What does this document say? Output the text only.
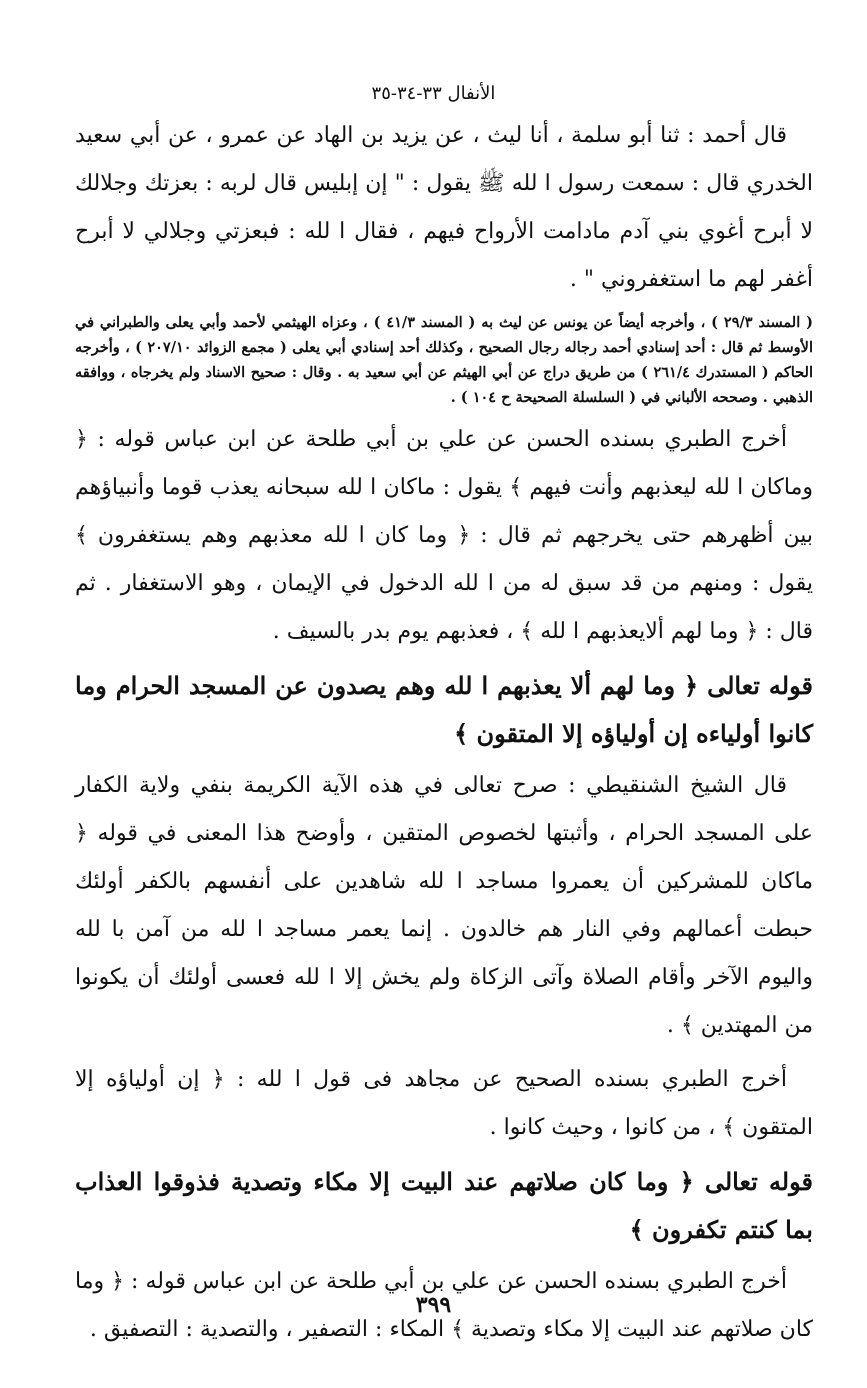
الأنفال ٣٣-٣٤-٣٥

قال أحمد : ثنا أبو سلمة ، أنا ليث ، عن يزيد بن الهاد عن عمرو ، عن أبي سعيد الخدري قال : سمعت رسول ا لله ﷺ يقول : " إن إبليس قال لربه : بعزتك وجلالك لا أبرح أغوي بني آدم مادامت الأرواح فيهم ، فقال ا لله : فبعزتي وجلالي لا أبرح أغفر لهم ما استغفروني " .

( المسند ٢٩/٣ ) ، وأخرجه أيضاً عن يونس عن ليث به ( المسند ٤١/٣ ) ، وعزاه الهيثمي لأحمد وأبي يعلى والطبراني في الأوسط ثم قال : أحد إسنادي أحمد رجاله رجال الصحيح ، وكذلك أحد إسنادي أبي يعلى ( مجمع الزوائد ٢٠٧/١٠ ) ، وأخرجه الحاكم ( المستدرك ٢٦١/٤ ) من طريق دراج عن أبي الهيثم عن أبي سعيد به . وقال : صحيح الاسناد ولم يخرجاه ، ووافقه الذهبي . وصححه الألباني في ( السلسلة الصحيحة ح ١٠٤ ) .

أخرج الطبري بسنده الحسن عن علي بن أبي طلحة عن ابن عباس قوله : ﴿ وماكان ا لله ليعذبهم وأنت فيهم ﴾ يقول : ماكان ا لله سبحانه يعذب قوما وأنبياؤهم بين أظهرهم حتى يخرجهم ثم قال : ﴿ وما كان ا لله معذبهم وهم يستغفرون ﴾ يقول : ومنهم من قد سبق له من ا لله الدخول في الإيمان ، وهو الاستغفار . ثم قال : ﴿ وما لهم ألايعذبهم ا لله ﴾ ، فعذبهم يوم بدر بالسيف .

قوله تعالى ﴿ وما لهم ألا يعذبهم ا لله وهم يصدون عن المسجد الحرام وما كانوا أولياءه إن أولياؤه إلا المتقون ﴾

قال الشيخ الشنقيطي : صرح تعالى في هذه الآية الكريمة بنفي ولاية الكفار على المسجد الحرام ، وأثبتها لخصوص المتقين ، وأوضح هذا المعنى في قوله ﴿ ماكان للمشركين أن يعمروا مساجد ا لله شاهدين على أنفسهم بالكفر أولئك حبطت أعمالهم وفي النار هم خالدون . إنما يعمر مساجد ا لله من آمن با لله واليوم الآخر وأقام الصلاة وآتى الزكاة ولم يخش إلا ا لله فعسى أولئك أن يكونوا من المهتدين ﴾ .

أخرج الطبري بسنده الصحيح عن مجاهد فى قول ا لله : ﴿ إن أولياؤه إلا المتقون ﴾ ، من كانوا ، وحيث كانوا .

قوله تعالى ﴿ وما كان صلاتهم عند البيت إلا مكاء وتصدية فذوقوا العذاب بما كنتم تكفرون ﴾

أخرج الطبري بسنده الحسن عن علي بن أبي طلحة عن ابن عباس قوله : ﴿ وما كان صلاتهم عند البيت إلا مكاء وتصدية ﴾ المكاء : التصفير ، والتصدية : التصفيق .

٣٩٩
